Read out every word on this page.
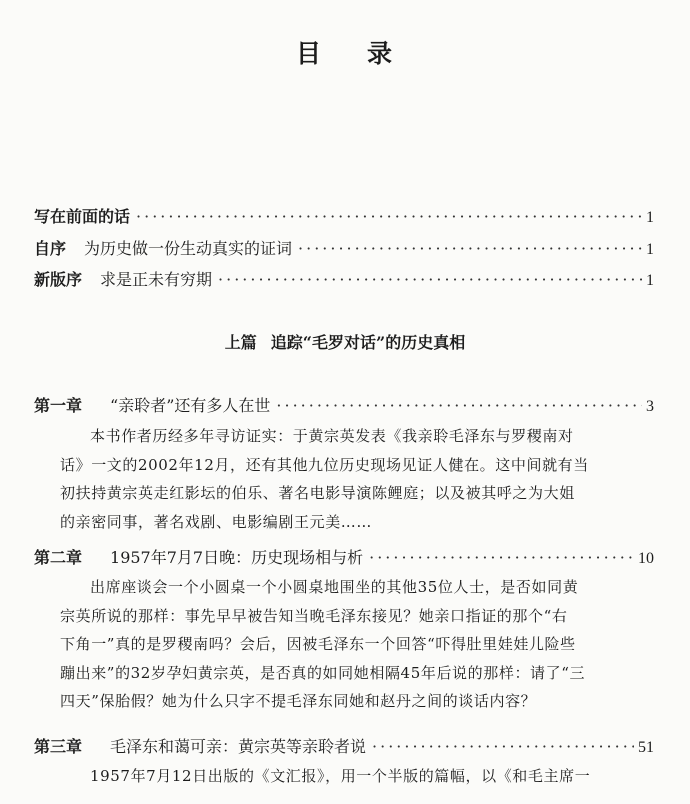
目 录
写在前面的话 ·····	1
自序 为历史做一份生动真实的证词 ·····	1
新版序 求是正未有穷期 ·····	1
上篇 追踪“毛罗对话”的历史真相
第一章 “亲聆者”还有多人在世 ·····	3
本书作者历经多年寻访证实：于黄宗英发表《我亲聆毛泽东与罗稷南对
话》一文的2002年12月，还有其他九位历史现场见证人健在。这中间就有当
初扶持黄宗英走红影坛的伯乐、著名电影导演陈鲤庭；以及被其呼之为大姐
的亲密同事，著名戏剧、电影编剧王元美……
第二章 1957年7月7日晚：历史现场相与析 ·····	10
出席座谈会一个小圆桌一个小圆桌地围坐的其他35位人士，是否如同黄
宗英所说的那样：事先早早被告知当晚毛泽东接见？她亲口指证的那个“右
下角一”真的是罗稷南吗？会后，因被毛泽东一个回答“吓得肚里娃娃儿险些
蹦出来”的32岁孕妇黄宗英，是否真的如同她相隔45年后说的那样：请了“三
四天”保胎假？她为什么只字不提毛泽东同她和赵丹之间的谈话内容？
第三章 毛泽东和蔼可亲：黄宗英等亲聆者说 ·····	51
1957年7月12日出版的《文汇报》，用一个半版的篇幅，以《和毛主席一
